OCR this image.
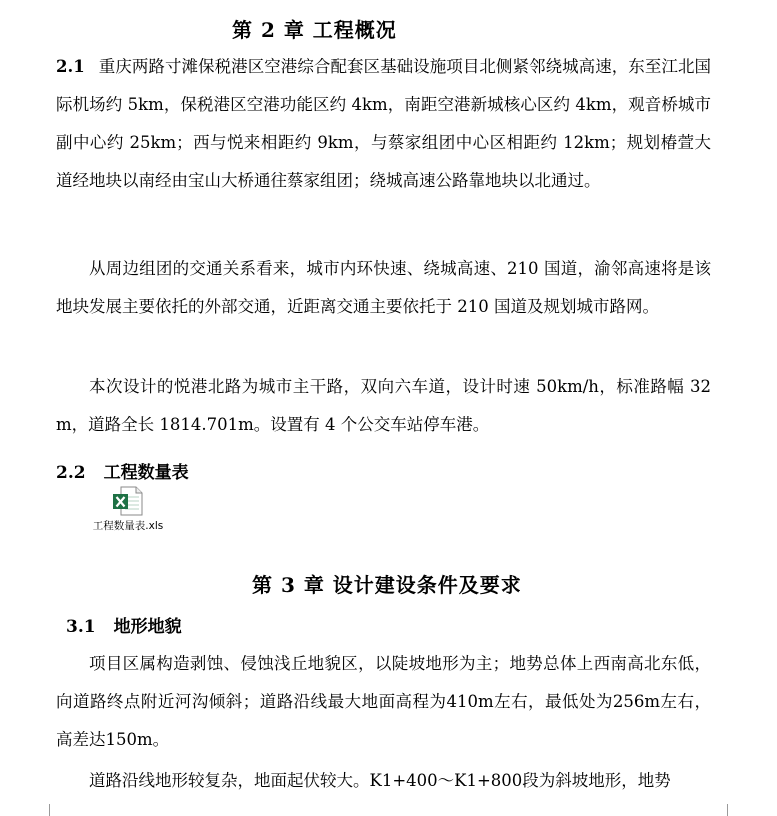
第 2 章 工程概况
2.1 重庆两路寸滩保税港区空港综合配套区基础设施项目北侧紧邻绕城高速，东至江北国际机场约 5km，保税港区空港功能区约 4km，南距空港新城核心区约 4km，观音桥城市副中心约 25km；西与悦来相距约 9km，与蔡家组团中心区相距约 12km；规划椿萱大道经地块以南经由宝山大桥通往蔡家组团；绕城高速公路靠地块以北通过。
从周边组团的交通关系看来，城市内环快速、绕城高速、210 国道，渝邻高速将是该地块发展主要依托的外部交通，近距离交通主要依托于 210 国道及规划城市路网。
本次设计的悦港北路为城市主干路，双向六车道，设计时速 50km/h，标准路幅 32m，道路全长 1814.701m。设置有 4 个公交车站停车港。
2.2 工程数量表
工程数量表.xls
第 3 章 设计建设条件及要求
3.1 地形地貌
项目区属构造剥蚀、侵蚀浅丘地貌区，以陡坡地形为主；地势总体上西南高北东低，向道路终点附近河沟倾斜；道路沿线最大地面高程为410m左右，最低处为256m左右，高差达150m。
道路沿线地形较复杂，地面起伏较大。K1+400～K1+800段为斜坡地形，地势
